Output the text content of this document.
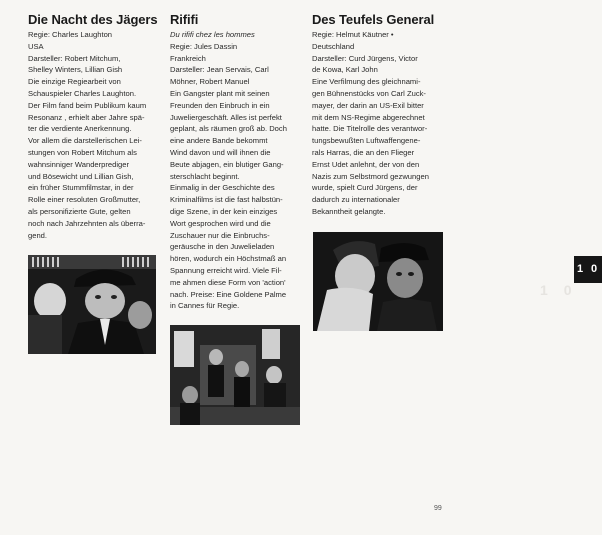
Die Nacht des Jägers

Regie: Charles Laughton

USA

Darsteller: Robert Mitchum,

Shelley Winters, Lillian Gish

Die einzige Regiearbeit von

Schauspieler Charles Laughton.

Der Film fand beim Publikum kaum

Resonanz , erhielt aber Jahre spä-

ter die verdiente Anerkennung.

Vor allem die darstellerischen Lei-

stungen von Robert Mitchum als

wahnsinniger Wanderprediger

und Bösewicht und Lillian Gish,

ein früher Stummfilmstar, in der

Rolle einer resoluten Großmutter,

als personifizierte Gute, gelten

noch nach Jahrzehnten als überra-

gend.

Rififi

Du rififi chez les hommes

Regie: Jules Dassin

Frankreich

Darsteller: Jean Servais, Carl

Möhner, Robert Manuel

Ein Gangster plant mit seinen

Freunden den Einbruch in ein

Juweliergeschäft. Alles ist perfekt

geplant, als räumen groß ab. Doch

eine andere Bande bekommt

Wind davon und will ihnen die

Beute abjagen, ein blutiger Gang-

sterschlacht beginnt.

Einmalig in der Geschichte des

Kriminalfilms ist die fast halbstün-

dige Szene, in der kein einziges

Wort gesprochen wird und die

Zuschauer nur die Einbruchs-

geräusche in den Juwelieladen

hören, wodurch ein Höchstmaß an

Spannung erreicht wird. Viele Fil-

me ahmen diese Form von 'action'

nach. Preise: Eine Goldene Palme

in Cannes für Regie.

Des Teufels General

Regie: Helmut Käutner •

Deutschland

Darsteller: Curd Jürgens, Victor

de Kowa, Karl John

Eine Verfilmung des gleichnami-

gen Bühnenstücks von Carl Zuck-

mayer, der darin an US-Exil bitter

mit dem NS-Regime abgerechnet

hatte. Die Titelrolle des verantwor-

tungsbewußten Luftwaffengene-

rals Harras, die an den Flieger

Ernst Udet anlehnt, der von den

Nazis zum Selbstmord gezwungen

wurde, spielt Curd Jürgens, der

dadurch zu internationaler

Bekanntheit gelangte.

1 0
1 0
99
